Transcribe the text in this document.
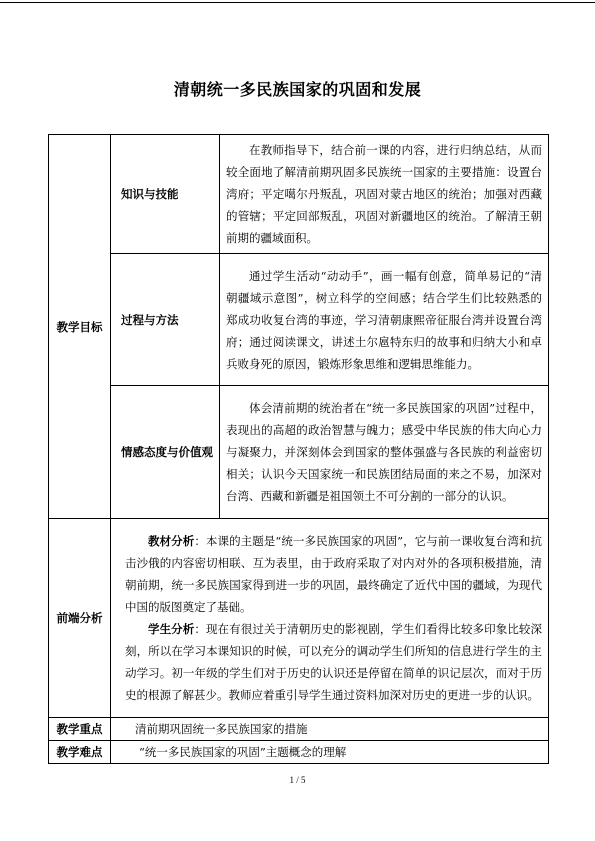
清朝统一多民族国家的巩固和发展
教学目标	知识与技能	在教师指导下，结合前一课的内容，进行归纳总结，从而较全面地了解清前期巩固多民族统一国家的主要措施：设置台湾府；平定噶尔丹叛乱，巩固对蒙古地区的统治；加强对西藏的管辖；平定回部叛乱，巩固对新疆地区的统治。了解清王朝前期的疆域面积。

	过程与方法	通过学生活动“动动手”，画一幅有创意，简单易记的“清朝疆域示意图”，树立科学的空间感；结合学生们比较熟悉的郑成功收复台湾的事迹，学习清朝康熙帝征服台湾并设置台湾府；通过阅读课文，讲述土尔扈特东归的故事和归纳大小和卓兵败身死的原因，锻炼形象思维和逻辑思维能力。

	情感态度与价值观	体会清前期的统治者在“统一多民族国家的巩固”过程中，表现出的高超的政治智慧与魄力；感受中华民族的伟大向心力与凝聚力，并深刻体会到国家的整体强盛与各民族的利益密切相关；认识今天国家统一和民族团结局面的来之不易，加深对台湾、西藏和新疆是祖国领土不可分割的一部分的认识。

前端分析	教材分析：本课的主题是“统一多民族国家的巩固”，它与前一课收复台湾和抗击沙俄的内容密切相联、互为表里，由于政府采取了对内对外的各项积极措施，清朝前期，统一多民族国家得到进一步的巩固，最终确定了近代中国的疆域，为现代中国的版图奠定了基础。

学生分析：现在有很过关于清朝历史的影视剧，学生们看得比较多印象比较深刻，所以在学习本课知识的时候，可以充分的调动学生们所知的信息进行学生的主动学习。初一年级的学生们对于历史的认识还是停留在简单的识记层次，而对于历史的根源了解甚少。教师应着重引导学生通过资料加深对历史的更进一步的认识。	

教学重点	清前期巩固统一多民族国家的措施	
教学难点	“统一多民族国家的巩固”主题概念的理解	
1 / 5
